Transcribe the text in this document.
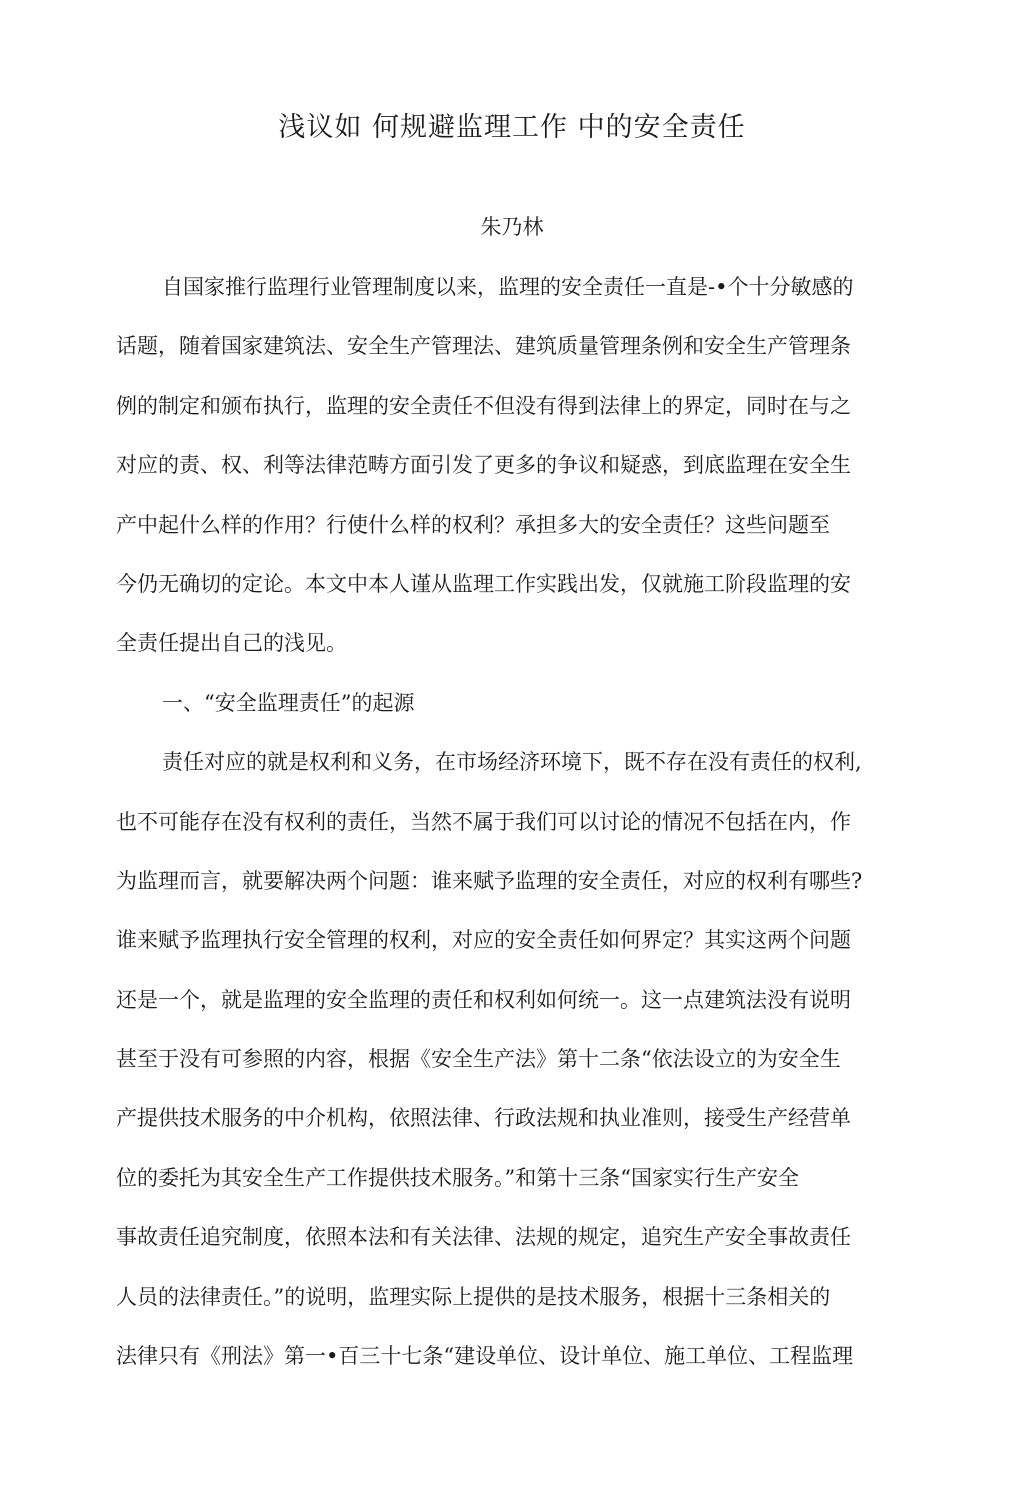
浅议如 何规避监理工作 中的安全责任
朱乃林
自国家推行监理行业管理制度以来，监理的安全责任一直是-•个十分敏感的
话题，随着国家建筑法、安全生产管理法、建筑质量管理条例和安全生产管理条
例的制定和颁布执行，监理的安全责任不但没有得到法律上的界定，同时在与之
对应的责、权、利等法律范畴方面引发了更多的争议和疑惑，到底监理在安全生
产中起什么样的作用？行使什么样的权利？承担多大的安全责任？这些问题至
今仍无确切的定论。本文中本人谨从监理工作实践出发，仅就施工阶段监理的安
全责任提出自己的浅见。
一、“安全监理责任”的起源
责任对应的就是权利和义务，在市场经济环境下，既不存在没有责任的权利,
也不可能存在没有权利的责任，当然不属于我们可以讨论的情况不包括在内，作
为监理而言，就要解决两个问题：谁来赋予监理的安全责任，对应的权利有哪些?
谁来赋予监理执行安全管理的权利，对应的安全责任如何界定？其实这两个问题
还是一个，就是监理的安全监理的责任和权利如何统一。这一点建筑法没有说明
甚至于没有可参照的内容，根据《安全生产法》第十二条“依法设立的为安全生
产提供技术服务的中介机构，依照法律、行政法规和执业准则，接受生产经营单
位的委托为其安全生产工作提供技术服务。”和第十三条“国家实行生产安全
事故责任追究制度，依照本法和有关法律、法规的规定，追究生产安全事故责任
人员的法律责任。”的说明，监理实际上提供的是技术服务，根据十三条相关的
法律只有《刑法》第一•百三十七条“建设单位、设计单位、施工单位、工程监理
